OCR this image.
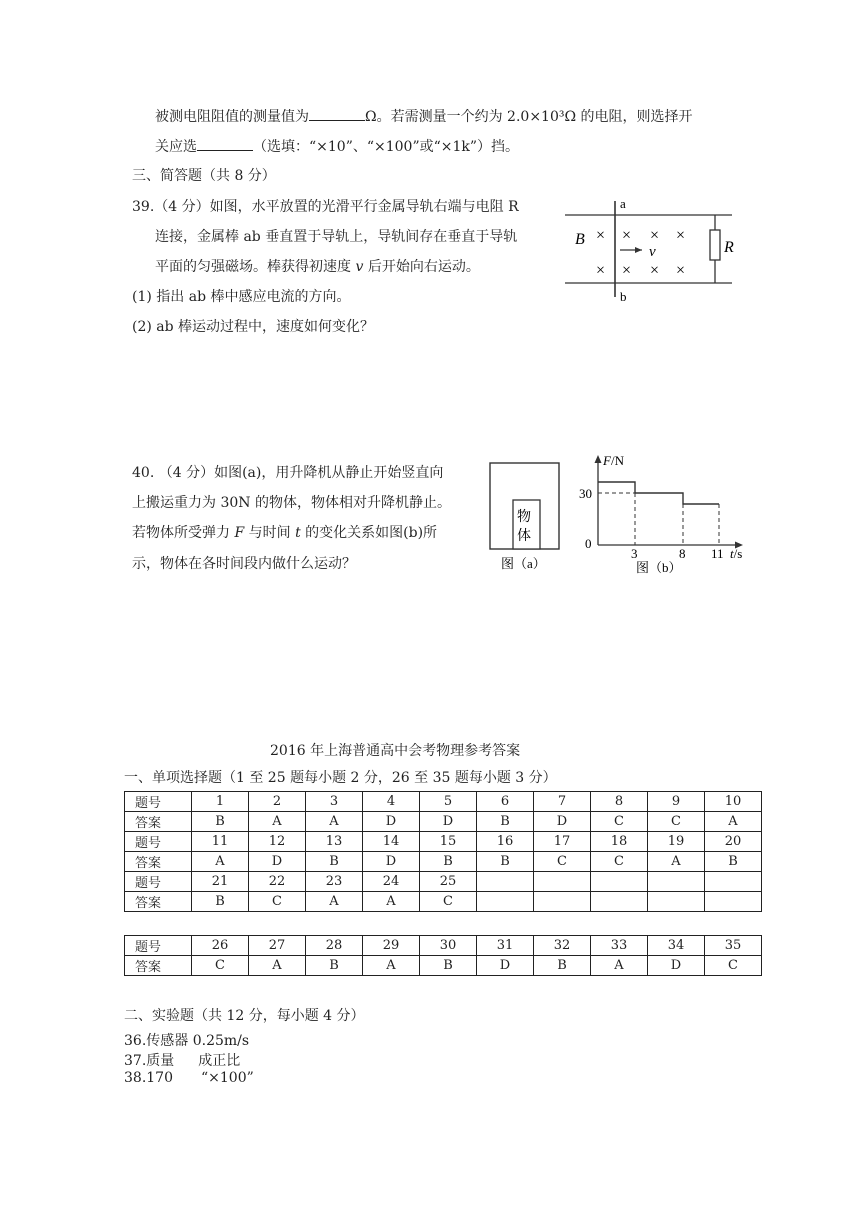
被测电阻阻值的测量值为	Ω。若需测量一个约为 2.0×10³Ω 的电阻，则选择开
关应选	（选填：“×10”、“×100”或“×1k”）挡。
三、简答题（共 8 分）
39.（4 分）如图，水平放置的光滑平行金属导轨右端与电阻 R
连接，金属棒 ab 垂直置于导轨上，导轨间存在垂直于导轨
平面的匀强磁场。棒获得初速度 v 后开始向右运动。
(1) 指出 ab 棒中感应电流的方向。
(2) ab 棒运动过程中，速度如何变化？
a
b
B	R
× × × ×
× × × ×
v
40. （4 分）如图(a)，用升降机从静止开始竖直向
上搬运重力为 30N 的物体，物体相对升降机静止。
若物体所受弹力 F 与时间 t 的变化关系如图(b)所
示，物体在各时间段内做什么运动？
物
体
图（a）
F/N
30
0
3	8 11 t/s
图（b）
2016 年上海普通高中会考物理参考答案
一、单项选择题（1 至 25 题每小题 2 分，26 至 35 题每小题 3 分）
题号	1	2	3	4	5	6	7	8	9	10
答案	B	A	A	D	D	B	D	C	C	A
题号	11	12	13	14	15	16	17	18	19	20
答案	A	D	B	D	B	B	C	C	A	B
题号	21	22	23	24	25					
答案	B	C	A	A	C					
题号	26	27	28	29	30	31	32	33	34	35
答案	C	A	B	A	B	D	B	A	D	C
二、实验题（共 12 分，每小题 4 分）
36.传感器 0.25m/s
37.质量 成正比
38.170 “×100”
